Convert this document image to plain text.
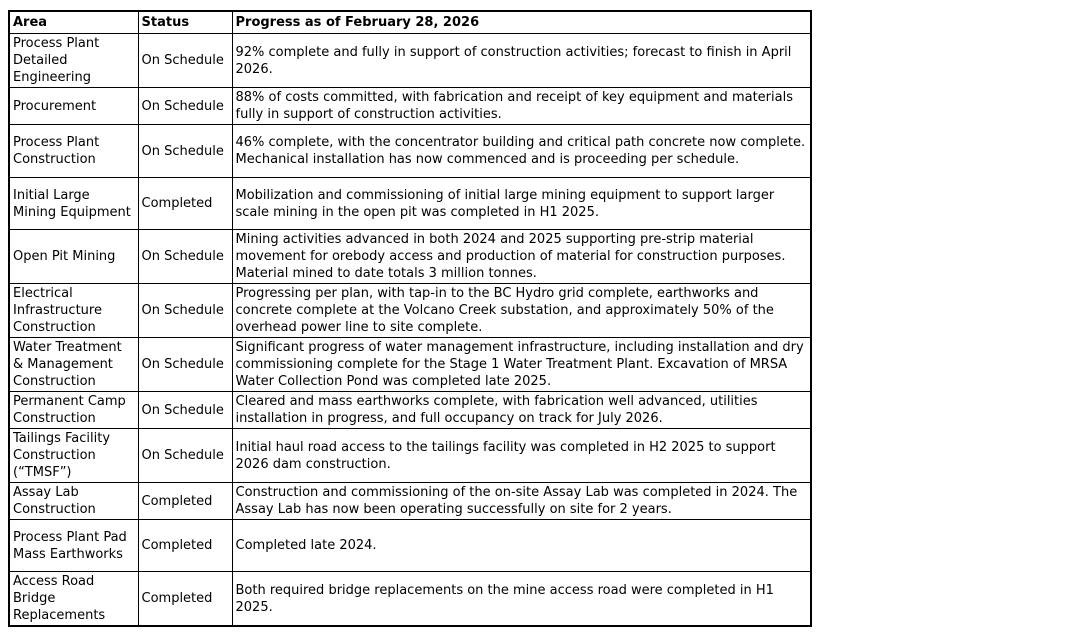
Area	Status	Progress as of February 28, 2026
Process Plant Detailed Engineering	On Schedule	92% complete and fully in support of construction activities; forecast to finish in April 2026.
Procurement	On Schedule	88% of costs committed, with fabrication and receipt of key equipment and materials fully in support of construction activities.
Process Plant Construction	On Schedule	46% complete, with the concentrator building and critical path concrete now complete. Mechanical installation has now commenced and is proceeding per schedule.
Initial Large Mining Equipment	Completed	Mobilization and commissioning of initial large mining equipment to support larger scale mining in the open pit was completed in H1 2025.
Open Pit Mining	On Schedule	Mining activities advanced in both 2024 and 2025 supporting pre-strip material movement for orebody access and production of material for construction purposes. Material mined to date totals 3 million tonnes.
Electrical Infrastructure Construction	On Schedule	Progressing per plan, with tap-in to the BC Hydro grid complete, earthworks and concrete complete at the Volcano Creek substation, and approximately 50% of the overhead power line to site complete.
Water Treatment & Management Construction	On Schedule	Significant progress of water management infrastructure, including installation and dry commissioning complete for the Stage 1 Water Treatment Plant. Excavation of MRSA Water Collection Pond was completed late 2025.
Permanent Camp Construction	On Schedule	Cleared and mass earthworks complete, with fabrication well advanced, utilities installation in progress, and full occupancy on track for July 2026.
Tailings Facility Construction (“TMSF”)	On Schedule	Initial haul road access to the tailings facility was completed in H2 2025 to support 2026 dam construction.
Assay Lab Construction	Completed	Construction and commissioning of the on-site Assay Lab was completed in 2024. The Assay Lab has now been operating successfully on site for 2 years.
Process Plant Pad Mass Earthworks	Completed	Completed late 2024.
Access Road Bridge Replacements	Completed	Both required bridge replacements on the mine access road were completed in H1 2025.
